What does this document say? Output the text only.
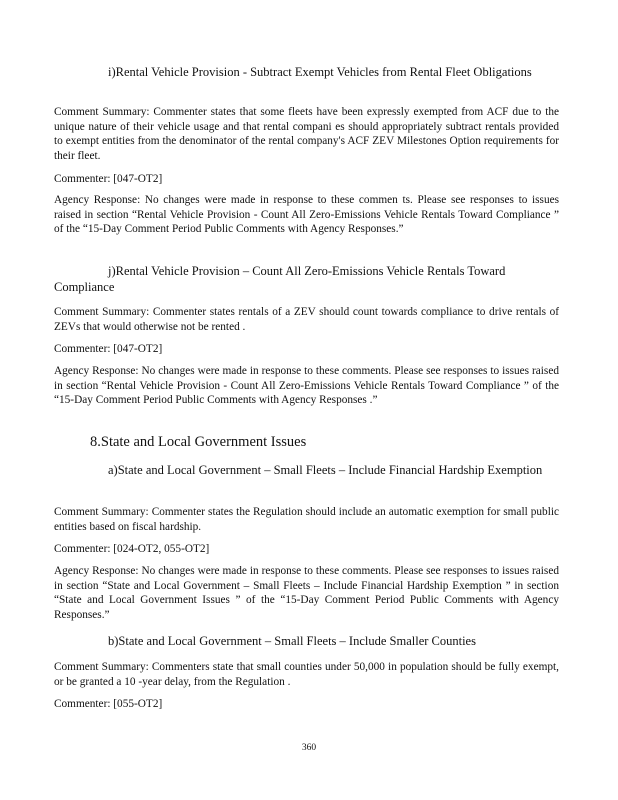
i)Rental Vehicle Provision - Subtract Exempt Vehicles from Rental Fleet Obligations

Comment Summary: Commenter states that some fleets have been expressly exempted from ACF due to the unique nature of their vehicle usage and that rental compani es should appropriately subtract rentals provided to exempt entities from the denominator of the rental company's ACF ZEV Milestones Option requirements for their fleet.

Commenter: [047-OT2]

Agency Response: No changes were made in response to these commen ts. Please see responses to issues raised in section “Rental Vehicle Provision - Count All Zero-Emissions Vehicle Rentals Toward Compliance ” of the “15-Day Comment Period Public Comments with Agency Responses.”

j)Rental Vehicle Provision – Count All Zero-Emissions Vehicle Rentals Toward Compliance

Comment Summary: Commenter states rentals of a ZEV should count towards compliance to drive rentals of ZEVs that would otherwise not be rented .

Commenter: [047-OT2]

Agency Response: No changes were made in response to these comments. Please see responses to issues raised in section “Rental Vehicle Provision - Count All Zero-Emissions Vehicle Rentals Toward Compliance ” of the “15-Day Comment Period Public Comments with Agency Responses .”

8.State and Local Government Issues

a)State and Local Government – Small Fleets – Include Financial Hardship Exemption

Comment Summary: Commenter states the Regulation should include an automatic exemption for small public entities based on fiscal hardship.

Commenter: [024-OT2, 055-OT2]

Agency Response: No changes were made in response to these comments. Please see responses to issues raised in section “State and Local Government – Small Fleets – Include Financial Hardship Exemption ” in section “State and Local Government Issues ” of the “15-Day Comment Period Public Comments with Agency Responses.”

b)State and Local Government – Small Fleets – Include Smaller Counties

Comment Summary: Commenters state that small counties under 50,000 in population should be fully exempt, or be granted a 10 -year delay, from the Regulation .

Commenter: [055-OT2]

360
